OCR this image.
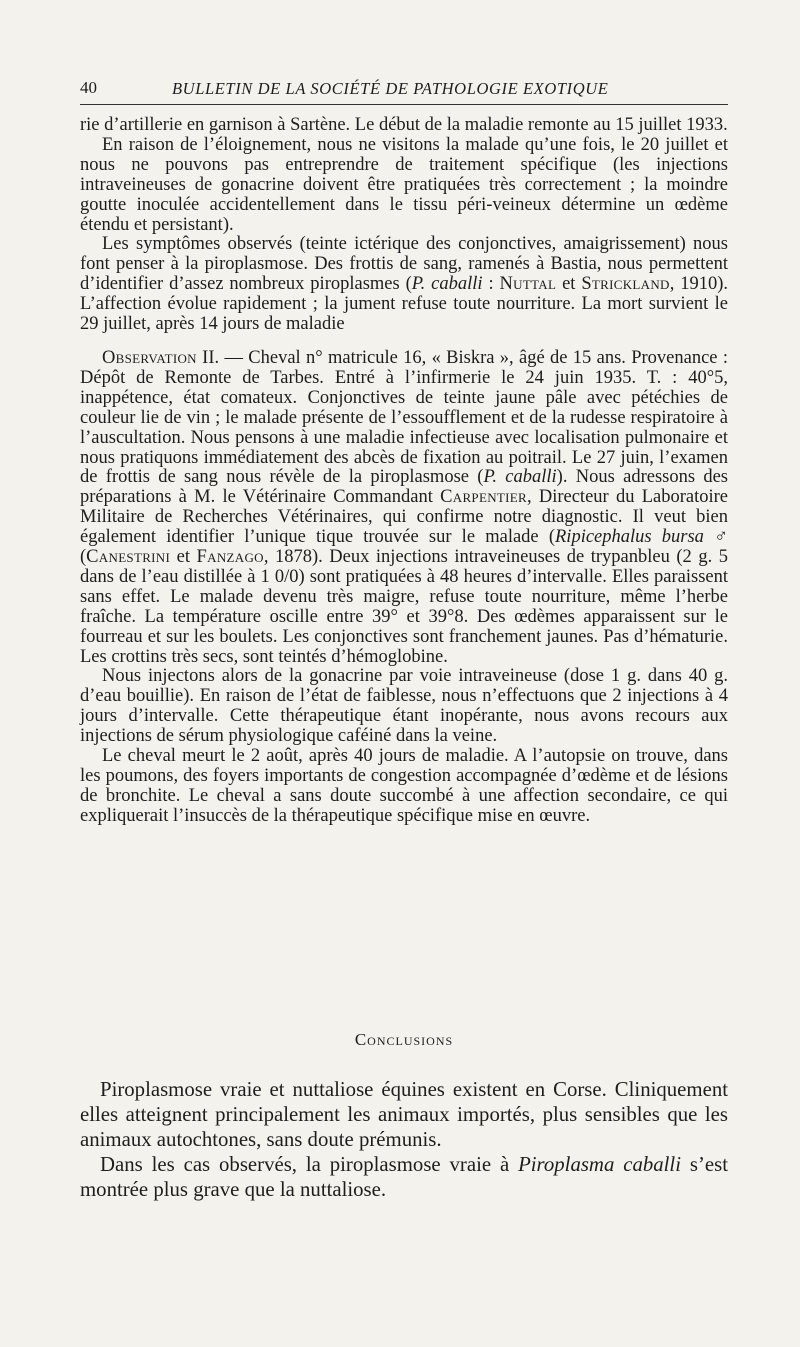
40	BULLETIN DE LA SOCIÉTÉ DE PATHOLOGIE EXOTIQUE

rie d’artillerie en garnison à Sartène. Le début de la maladie remonte au 15 juillet 1933.

En raison de l’éloignement, nous ne visitons la malade qu’une fois, le 20 juillet et nous ne pouvons pas entreprendre de traitement spécifique (les injections intraveineuses de gonacrine doivent être pratiquées très correctement ; la moindre goutte inoculée accidentellement dans le tissu péri-veineux détermine un œdème étendu et persistant).

Les symptômes observés (teinte ictérique des conjonctives, amaigrissement) nous font penser à la piroplasmose. Des frottis de sang, ramenés à Bastia, nous permettent d’identifier d’assez nombreux piroplasmes (P. caballi : Nuttal et Strickland, 1910). L’affection évolue rapidement ; la jument refuse toute nourriture. La mort survient le 29 juillet, après 14 jours de maladie

Observation II. — Cheval n° matricule 16, « Biskra », âgé de 15 ans. Provenance : Dépôt de Remonte de Tarbes. Entré à l’infirmerie le 24 juin 1935. T. : 40°5, inappétence, état comateux. Conjonctives de teinte jaune pâle avec pétéchies de couleur lie de vin ; le malade présente de l’essoufflement et de la rudesse respiratoire à l’auscultation. Nous pensons à une maladie infectieuse avec localisation pulmonaire et nous pratiquons immédiatement des abcès de fixation au poitrail. Le 27 juin, l’examen de frottis de sang nous révèle de la piroplasmose (P. caballi). Nous adressons des préparations à M. le Vétérinaire Commandant Carpentier, Directeur du Laboratoire Militaire de Recherches Vétérinaires, qui confirme notre diagnostic. Il veut bien également identifier l’unique tique trouvée sur le malade (Ripicephalus bursa ♂ (Canestrini et Fanzago, 1878). Deux injections intraveineuses de trypanbleu (2 g. 5 dans de l’eau distillée à 1 0/0) sont pratiquées à 48 heures d’intervalle. Elles paraissent sans effet. Le malade devenu très maigre, refuse toute nourriture, même l’herbe fraîche. La température oscille entre 39° et 39°8. Des œdèmes apparaissent sur le fourreau et sur les boulets. Les conjonctives sont franchement jaunes. Pas d’hématurie. Les crottins très secs, sont teintés d’hémoglobine.

Nous injectons alors de la gonacrine par voie intraveineuse (dose 1 g. dans 40 g. d’eau bouillie). En raison de l’état de faiblesse, nous n’effectuons que 2 injections à 4 jours d’intervalle. Cette thérapeutique étant inopérante, nous avons recours aux injections de sérum physiologique caféiné dans la veine.

Le cheval meurt le 2 août, après 40 jours de maladie. A l’autopsie on trouve, dans les poumons, des foyers importants de congestion accompagnée d’œdème et de lésions de bronchite. Le cheval a sans doute succombé à une affection secondaire, ce qui expliquerait l’insuccès de la thérapeutique spécifique mise en œuvre.

Conclusions

Piroplasmose vraie et nuttaliose équines existent en Corse. Cliniquement elles atteignent principalement les animaux importés, plus sensibles que les animaux autochtones, sans doute prémunis.

Dans les cas observés, la piroplasmose vraie à Piroplasma caballi s’est montrée plus grave que la nuttaliose.
